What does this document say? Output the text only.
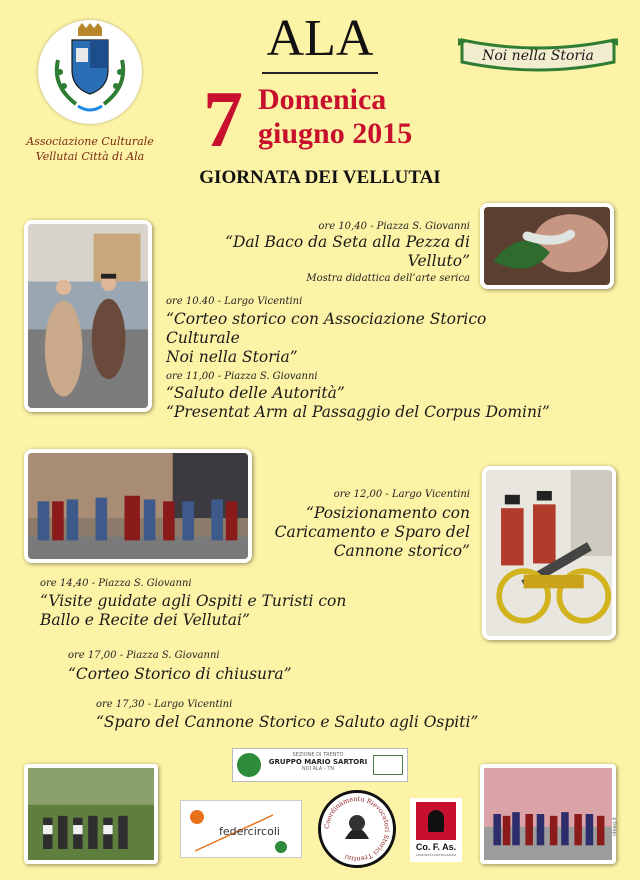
Associazione Culturale
Vellutai Città di Ala
ALA
7 Domenica
giugno 2015
GIORNATA DEI VELLUTAI
Noi nella Storia
ore 10,40 - Piazza S. Giovanni
“Dal Baco da Seta alla Pezza di Velluto”
Mostra didattica dell’arte serica
ore 10.40 - Largo Vicentini
“Corteo storico con Associazione Storico Culturale
Noi nella Storia”
ore 11,00 - Piazza S. Giovanni
“Saluto delle Autorità”
“Presentat Arm al Passaggio del Corpus Domini”
ore 12,00 - Largo Vicentini
“Posizionamento con
Caricamento e Sparo del
Cannone storico”
ore 14,40 - Piazza S. Giovanni
“Visite guidate agli Ospiti e Turisti con
Ballo e Recite dei Vellutai”
ore 17,00 - Piazza S. Giovanni
“Corteo Storico di chiusura”
ore 17,30 - Largo Vicentini
“Sparo del Cannone Storico e Saluto agli Ospiti”
SEZIONE DI TRENTO
GRUPPO MARIO SARTORI
NOI ALA - TN
federcircoli	Coordinamento Rievocatori Storici Trentini
Co. F. As.
COMUNITÀ FORTIFICAZIONI
ideag.it
